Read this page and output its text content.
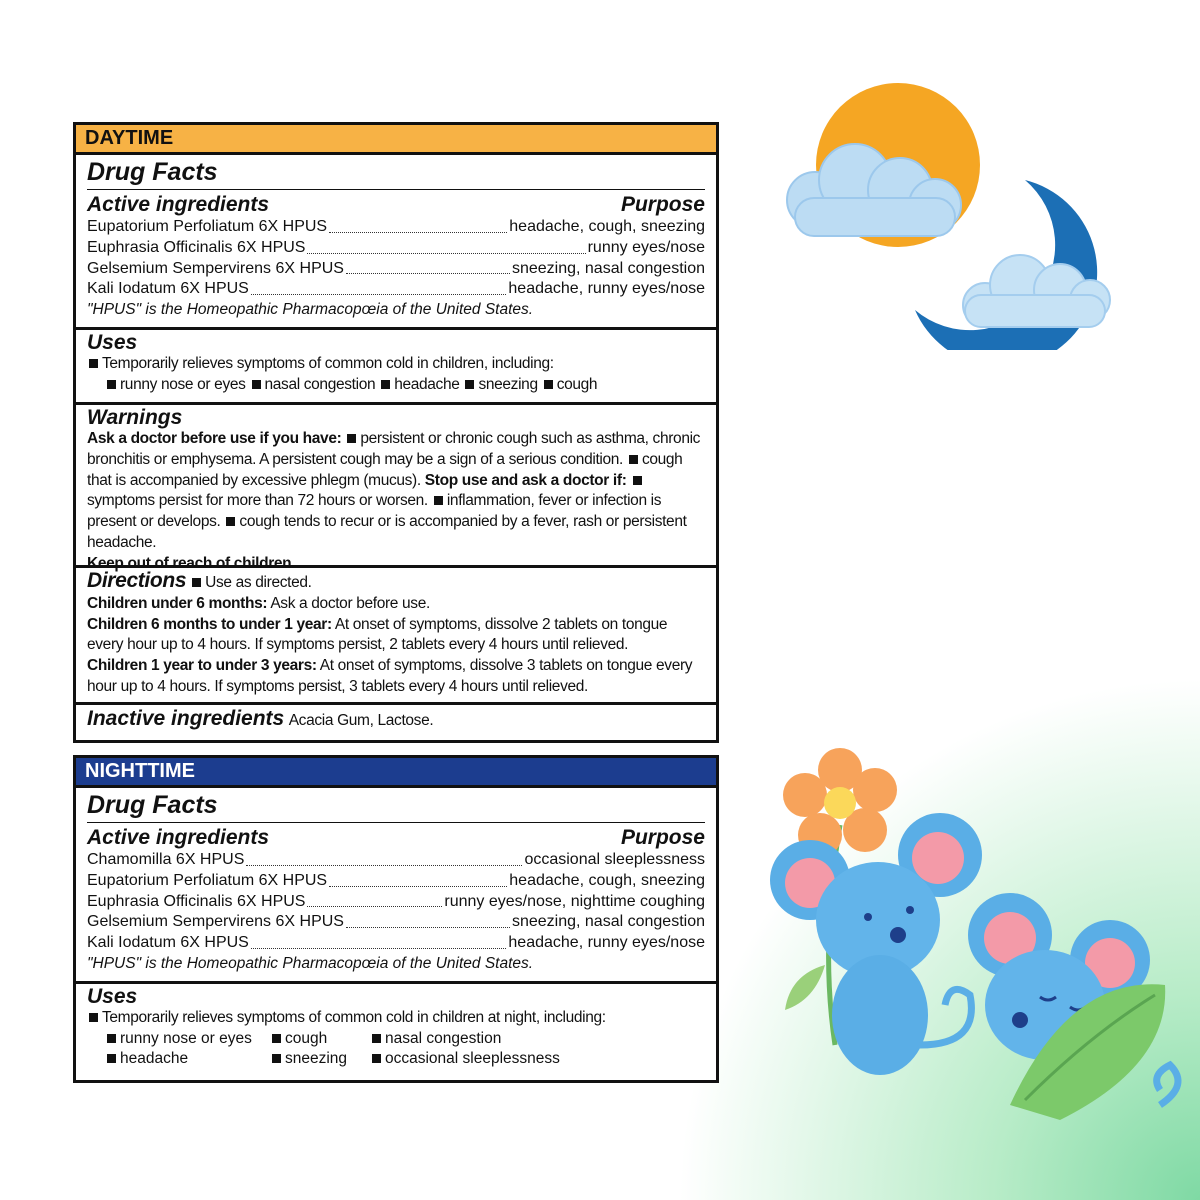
DAYTIME
Drug Facts
Active ingredients	Purpose
Eupatorium Perfoliatum 6X HPUS	headache, cough, sneezing
Euphrasia Officinalis 6X HPUS	runny eyes/nose
Gelsemium Sempervirens 6X HPUS	sneezing, nasal congestion
Kali Iodatum 6X HPUS	headache, runny eyes/nose
"HPUS" is the Homeopathic Pharmacopœia of the United States.
Uses
Temporarily relieves symptoms of common cold in children, including:
runny nose or eyes nasal congestion headache sneezing cough
Warnings
Ask a doctor before use if you have: persistent or chronic cough such as asthma, chronic bronchitis or emphysema. A persistent cough may be a sign of a serious condition. cough that is accompanied by excessive phlegm (mucus). Stop use and ask a doctor if: symptoms persist for more than 72 hours or worsen. inflammation, fever or infection is present or develops. cough tends to recur or is accompanied by a fever, rash or persistent headache.
Keep out of reach of children.
Directions Use as directed.
Children under 6 months: Ask a doctor before use.
Children 6 months to under 1 year: At onset of symptoms, dissolve 2 tablets on tongue every hour up to 4 hours. If symptoms persist, 2 tablets every 4 hours until relieved.
Children 1 year to under 3 years: At onset of symptoms, dissolve 3 tablets on tongue every hour up to 4 hours. If symptoms persist, 3 tablets every 4 hours until relieved.
Inactive ingredients Acacia Gum, Lactose.
NIGHTTIME
Drug Facts
Active ingredients	Purpose
Chamomilla 6X HPUS	occasional sleeplessness
Eupatorium Perfoliatum 6X HPUS	headache, cough, sneezing
Euphrasia Officinalis 6X HPUS	runny eyes/nose, nighttime coughing
Gelsemium Sempervirens 6X HPUS	sneezing, nasal congestion
Kali Iodatum 6X HPUS	headache, runny eyes/nose
"HPUS" is the Homeopathic Pharmacopœia of the United States.
Uses
Temporarily relieves symptoms of common cold in children at night, including:
runny nose or eyes	cough	nasal congestion
headache	sneezing	occasional sleeplessness
